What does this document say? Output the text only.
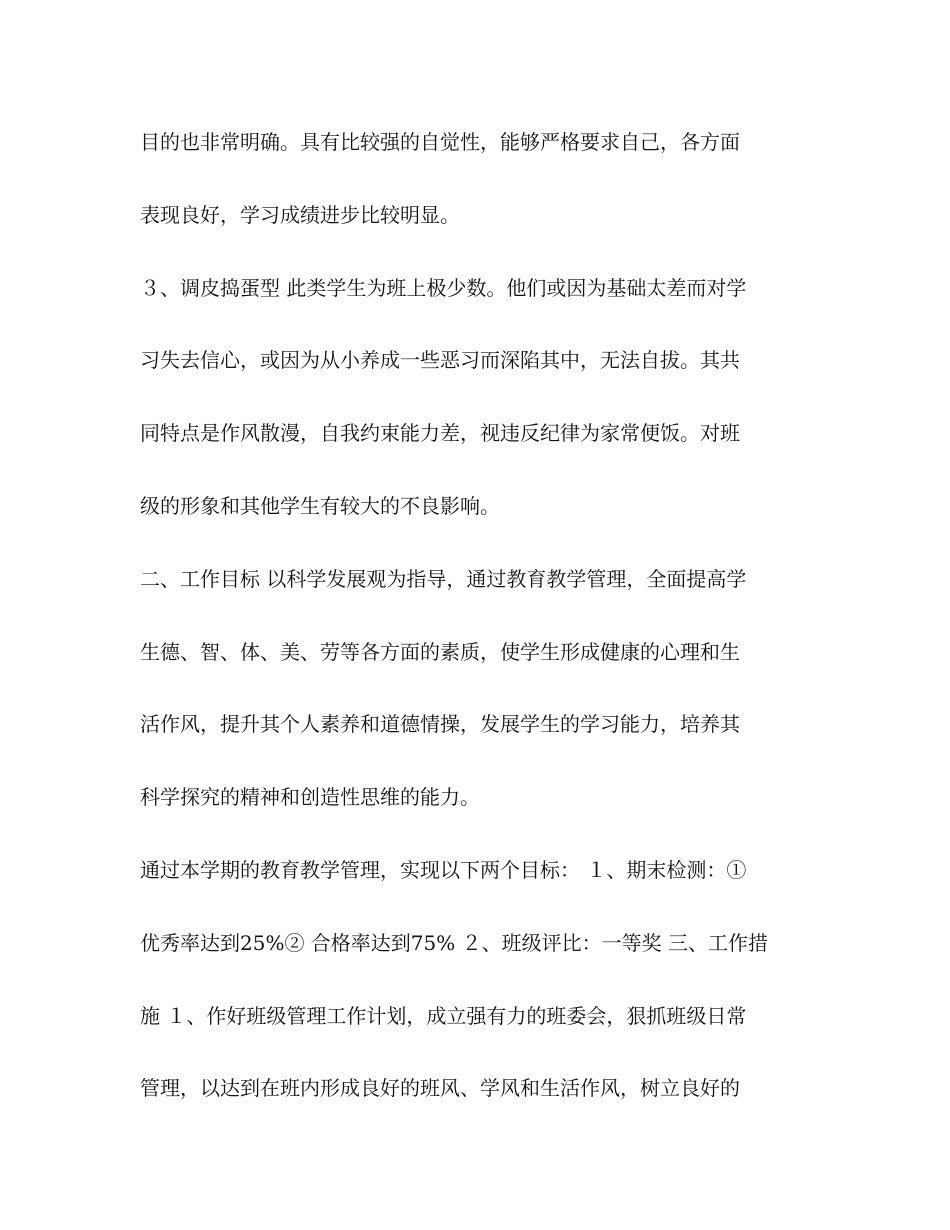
目的也非常明确。具有比较强的自觉性，能够严格要求自己，各方面
表现良好，学习成绩进步比较明显。
３、调皮捣蛋型 此类学生为班上极少数。他们或因为基础太差而对学
习失去信心，或因为从小养成一些恶习而深陷其中，无法自拔。其共
同特点是作风散漫，自我约束能力差，视违反纪律为家常便饭。对班
级的形象和其他学生有较大的不良影响。
二、工作目标 以科学发展观为指导，通过教育教学管理，全面提高学
生德、智、体、美、劳等各方面的素质，使学生形成健康的心理和生
活作风，提升其个人素养和道德情操，发展学生的学习能力，培养其
科学探究的精神和创造性思维的能力。
通过本学期的教育教学管理，实现以下两个目标： １、期末检测：①
优秀率达到25%② 合格率达到75% ２、班级评比：一等奖 三、工作措
施 １、作好班级管理工作计划，成立强有力的班委会，狠抓班级日常
管理，以达到在班内形成良好的班风、学风和生活作风，树立良好的
